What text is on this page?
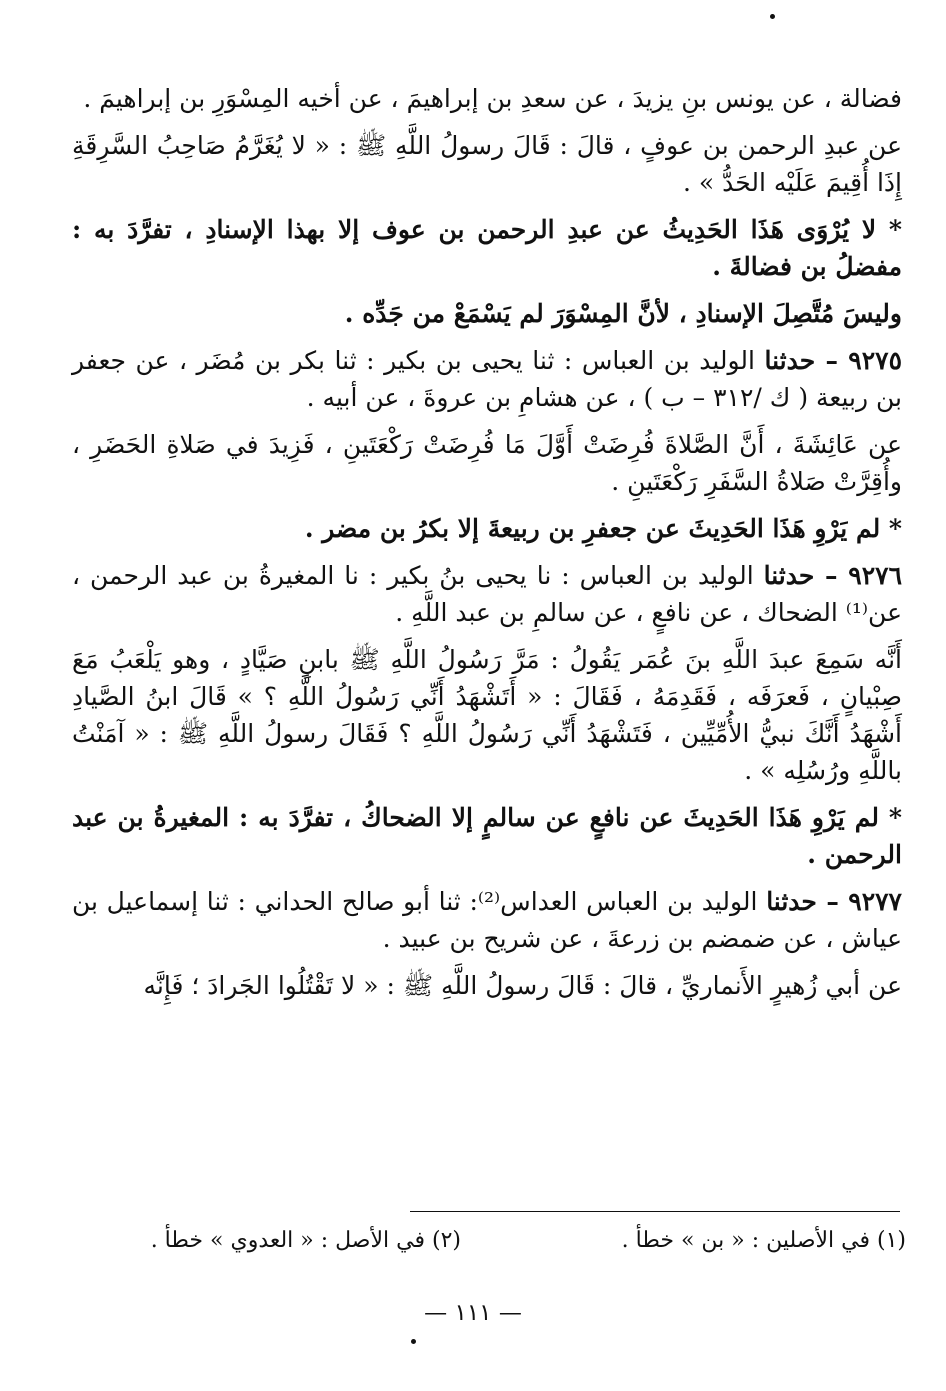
فضالة ، عن يونس بنِ يزيدَ ، عن سعدِ بن إبراهيمَ ، عن أخيه المِسْوَرِ بن إبراهيمَ .

عن عبدِ الرحمن بن عوفٍ ، قالَ : قَالَ رسولُ اللَّهِ ﷺ : « لا يُغَرَّمُ صَاحِبُ السَّرِقَةِ إِذَا أُقِيمَ عَلَيْه الحَدُّ » .

* لا يُرْوَى هَذَا الحَدِيثُ عن عبدِ الرحمن بن عوف إلا بهذا الإسنادِ ، تفرَّدَ به : مفضلُ بن فضالةَ .

وليسَ مُتَّصِلَ الإسنادِ ، لأنَّ المِسْوَرَ لم يَسْمَعْ من جَدِّه .

٩٢٧٥ – حدثنا الوليد بن العباس : ثنا يحيى بن بكير : ثنا بكر بن مُضَر ، عن جعفر بن ربيعة ( ك /٣١٢ – ب ) ، عن هشامِ بن عروةَ ، عن أبيه .

عن عَائِشَةَ ، أَنَّ الصَّلاةَ فُرِضَتْ أَوَّلَ مَا فُرِضَتْ رَكْعَتَينِ ، فَزِيدَ في صَلاةِ الحَضَرِ ، وأُقِرَّتْ صَلاةُ السَّفَرِ رَكْعَتَينِ .

* لم يَرْوِ هَذَا الحَدِيثَ عن جعفرِ بن ربيعةَ إلا بكرُ بن مضر .

٩٢٧٦ – حدثنا الوليد بن العباس : نا يحيى بنُ بكير : نا المغيرةُ بن عبد الرحمن ، عن⁽¹⁾ الضحاك ، عن نافعٍ ، عن سالمِ بن عبد اللَّهِ .

أَنَّه سَمِعَ عبدَ اللَّهِ بنَ عُمَر يَقُولُ : مَرَّ رَسُولُ اللَّهِ ﷺ بابنِ صَيَّادٍ ، وهو يَلْعَبُ مَعَ صِبْيانٍ ، فَعرَفَه ، فَقَدِمَهُ ، فَقَالَ : « أَتَشْهَدُ أَنِّي رَسُولُ اللَّهِ ؟ » قَالَ ابنُ الصَّيادِ أَشْهَدُ أَنَّكَ نبيُّ الأُمِّيِّين ، فَتَشْهَدُ أَنِّي رَسُولُ اللَّهِ ؟ فَقَالَ رسولُ اللَّهِ ﷺ : « آمَنْتُ باللَّهِ ورُسُلِه » .

* لم يَرْوِ هَذَا الحَدِيثَ عن نافعٍ عن سالمٍ إلا الضحاكُ ، تفرَّدَ به : المغيرةُ بن عبد الرحمن .

٩٢٧٧ – حدثنا الوليد بن العباس العداس⁽²⁾: ثنا أبو صالح الحداني : ثنا إسماعيل بن عياش ، عن ضمضم بن زرعةَ ، عن شريح بن عبيد .

عن أبي زُهيرٍ الأَنماريِّ ، قالَ : قَالَ رسولُ اللَّهِ ﷺ : « لا تَقْتُلُوا الجَرادَ ؛ فَإِنَّه

(١) في الأصلين : « بن » خطأ .
(٢) في الأصل : « العدوي » خطأ .
— ١١١ —
